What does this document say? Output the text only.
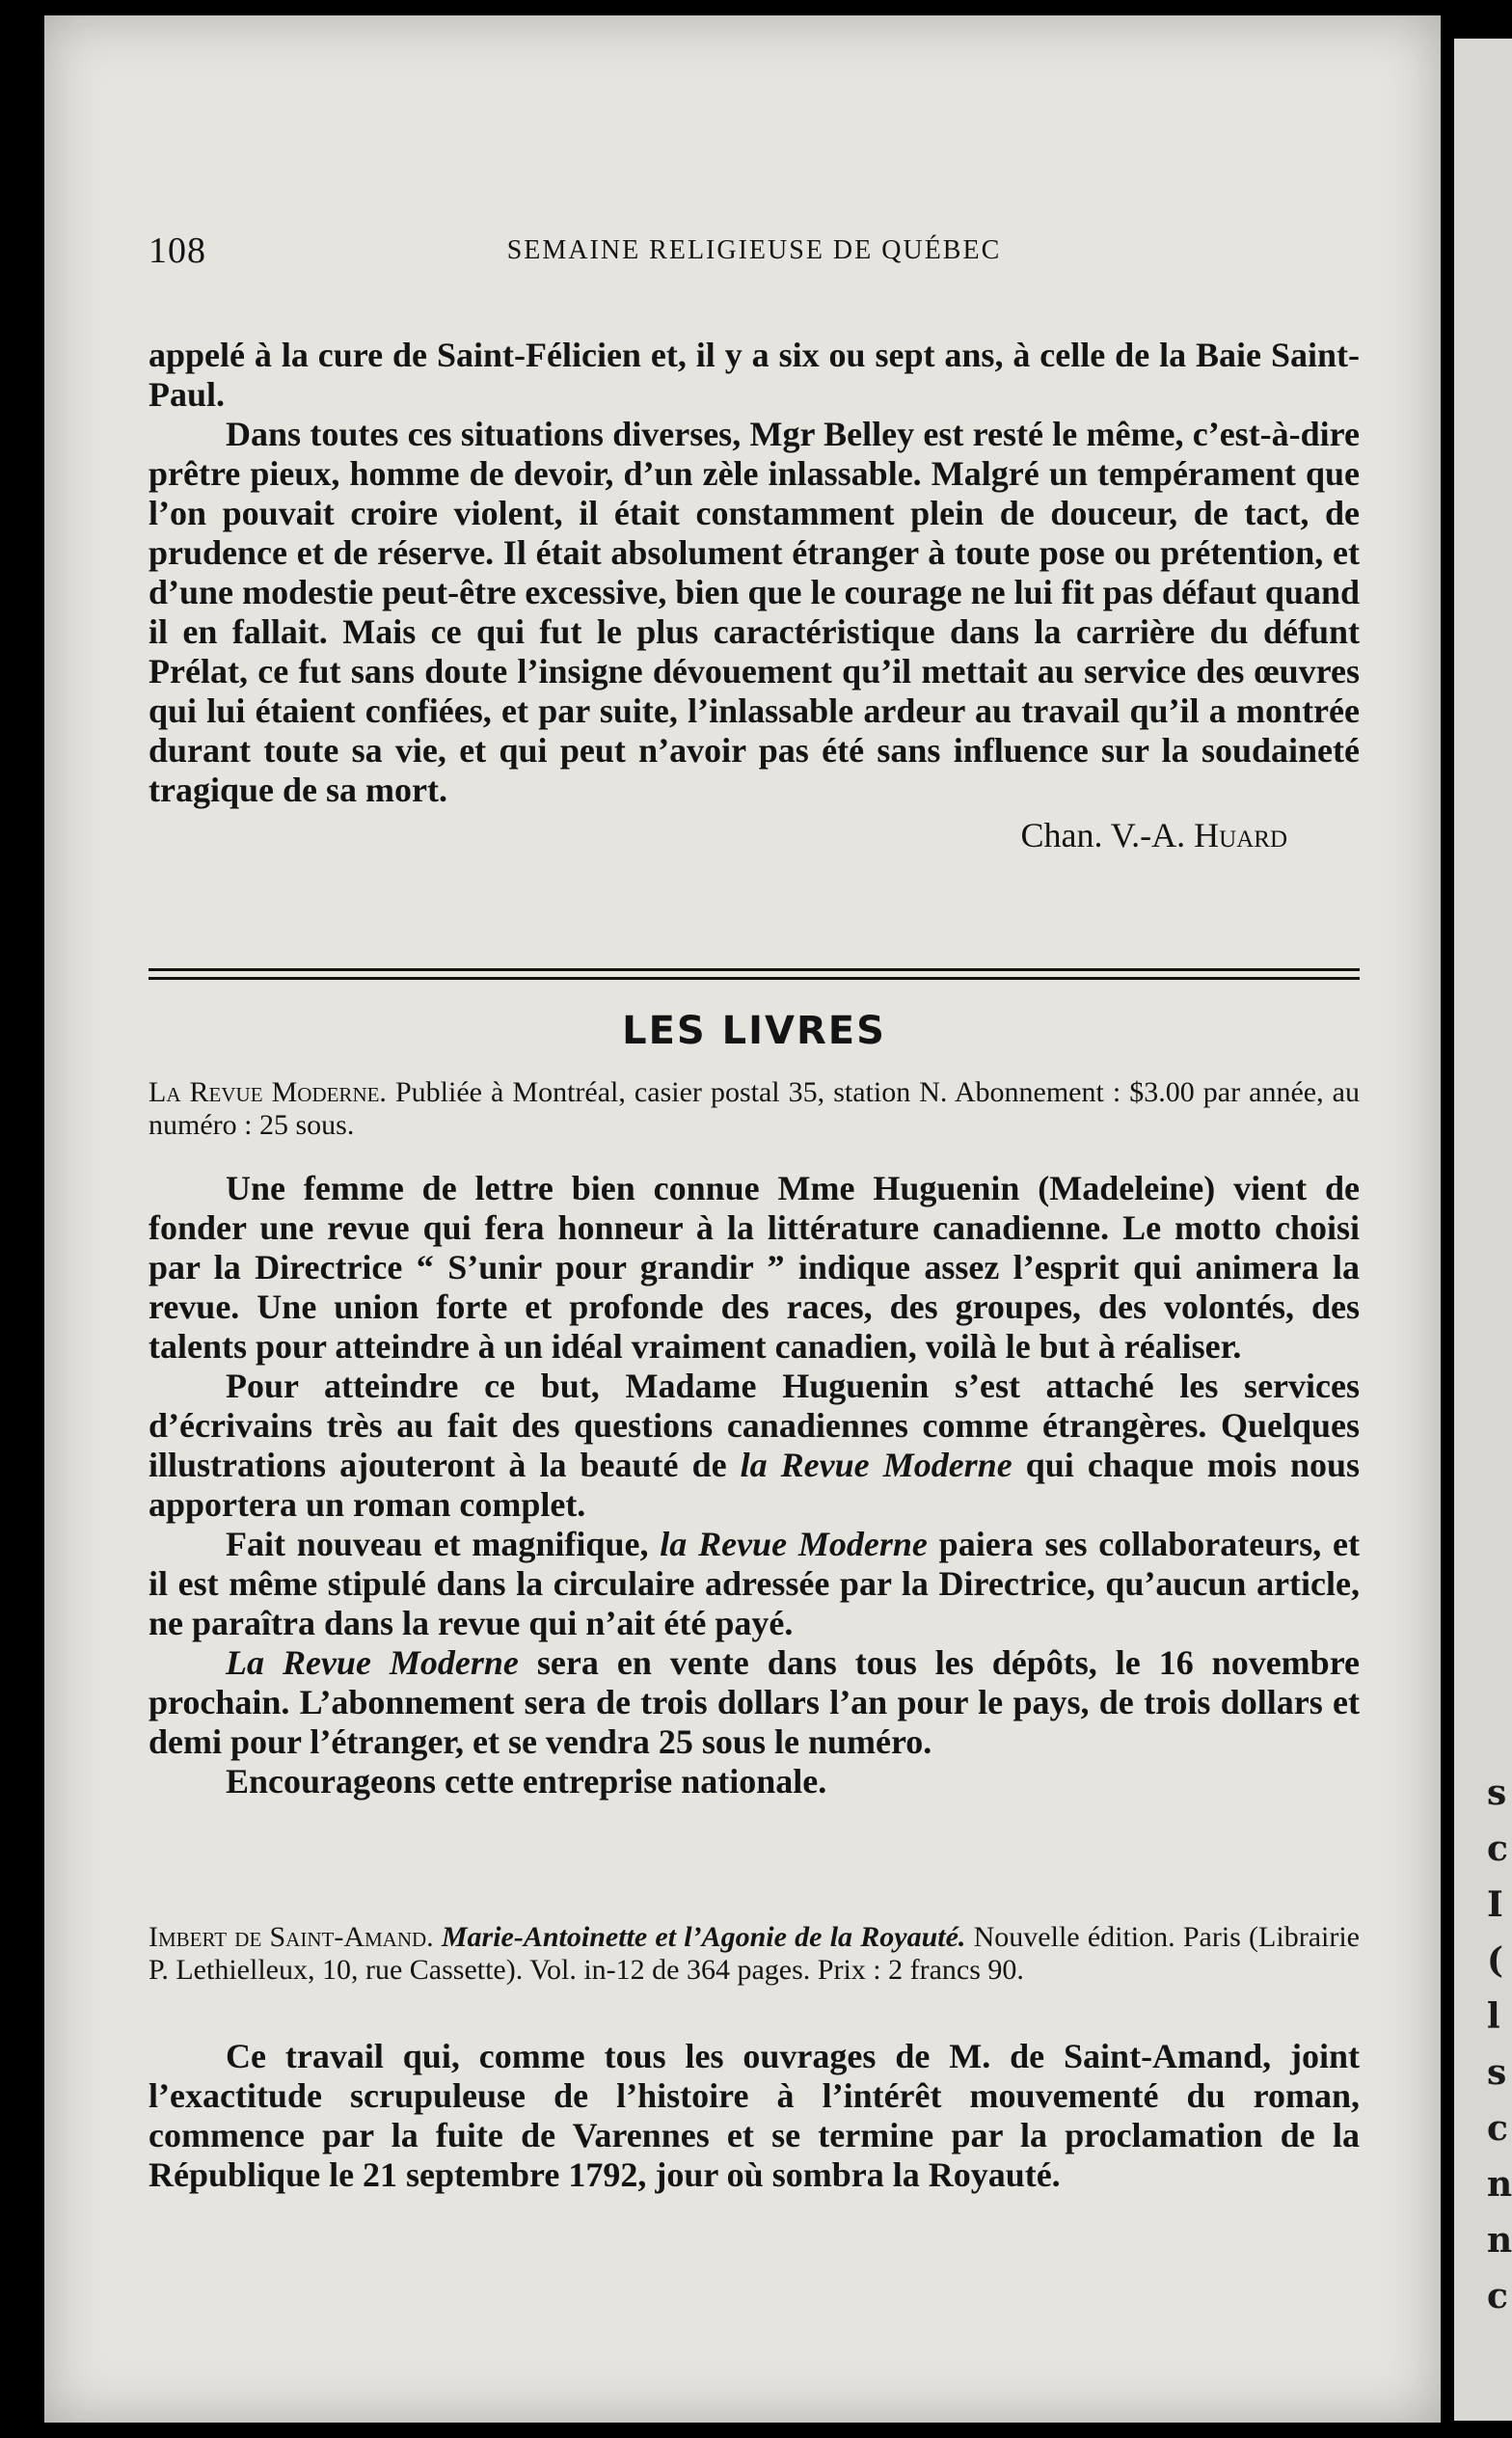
108	SEMAINE RELIGIEUSE DE QUÉBEC

appelé à la cure de Saint-Félicien et, il y a six ou sept ans, à celle de la Baie Saint-Paul.

Dans toutes ces situations diverses, Mgr Belley est resté le même, c’est-à-dire prêtre pieux, homme de devoir, d’un zèle inlassable. Malgré un tempérament que l’on pouvait croire violent, il était constamment plein de douceur, de tact, de prudence et de réserve. Il était absolument étranger à toute pose ou prétention, et d’une modestie peut-être excessive, bien que le courage ne lui fit pas défaut quand il en fallait. Mais ce qui fut le plus caractéristique dans la carrière du défunt Prélat, ce fut sans doute l’insigne dévouement qu’il mettait au service des œuvres qui lui étaient confiées, et par suite, l’inlassable ardeur au travail qu’il a montrée durant toute sa vie, et qui peut n’avoir pas été sans influence sur la soudaineté tragique de sa mort.

Chan. V.-A. Huard
LES LIVRES

La Revue Moderne. Publiée à Montréal, casier postal 35, station N. Abonnement : $3.00 par année, au numéro : 25 sous.

Une femme de lettre bien connue Mme Huguenin (Madeleine) vient de fonder une revue qui fera honneur à la littérature canadienne. Le motto choisi par la Directrice “ S’unir pour grandir ” indique assez l’esprit qui animera la revue. Une union forte et profonde des races, des groupes, des volontés, des talents pour atteindre à un idéal vraiment canadien, voilà le but à réaliser.

Pour atteindre ce but, Madame Huguenin s’est attaché les services d’écrivains très au fait des questions canadiennes comme étrangères. Quelques illustrations ajouteront à la beauté de la Revue Moderne qui chaque mois nous apportera un roman complet.

Fait nouveau et magnifique, la Revue Moderne paiera ses collaborateurs, et il est même stipulé dans la circulaire adressée par la Directrice, qu’aucun article, ne paraîtra dans la revue qui n’ait été payé.

La Revue Moderne sera en vente dans tous les dépôts, le 16 novembre prochain. L’abonnement sera de trois dollars l’an pour le pays, de trois dollars et demi pour l’étranger, et se vendra 25 sous le numéro.

Encourageons cette entreprise nationale.

Imbert de Saint-Amand. Marie-Antoinette et l’Agonie de la Royauté. Nouvelle édition. Paris (Librairie P. Lethielleux, 10, rue Cassette). Vol. in-12 de 364 pages. Prix : 2 francs 90.

Ce travail qui, comme tous les ouvrages de M. de Saint-Amand, joint l’exactitude scrupuleuse de l’histoire à l’intérêt mouvementé du roman, commence par la fuite de Varennes et se termine par la proclamation de la République le 21 septembre 1792, jour où sombra la Royauté.

s
c
I
(
l
s
c
n
n
c
